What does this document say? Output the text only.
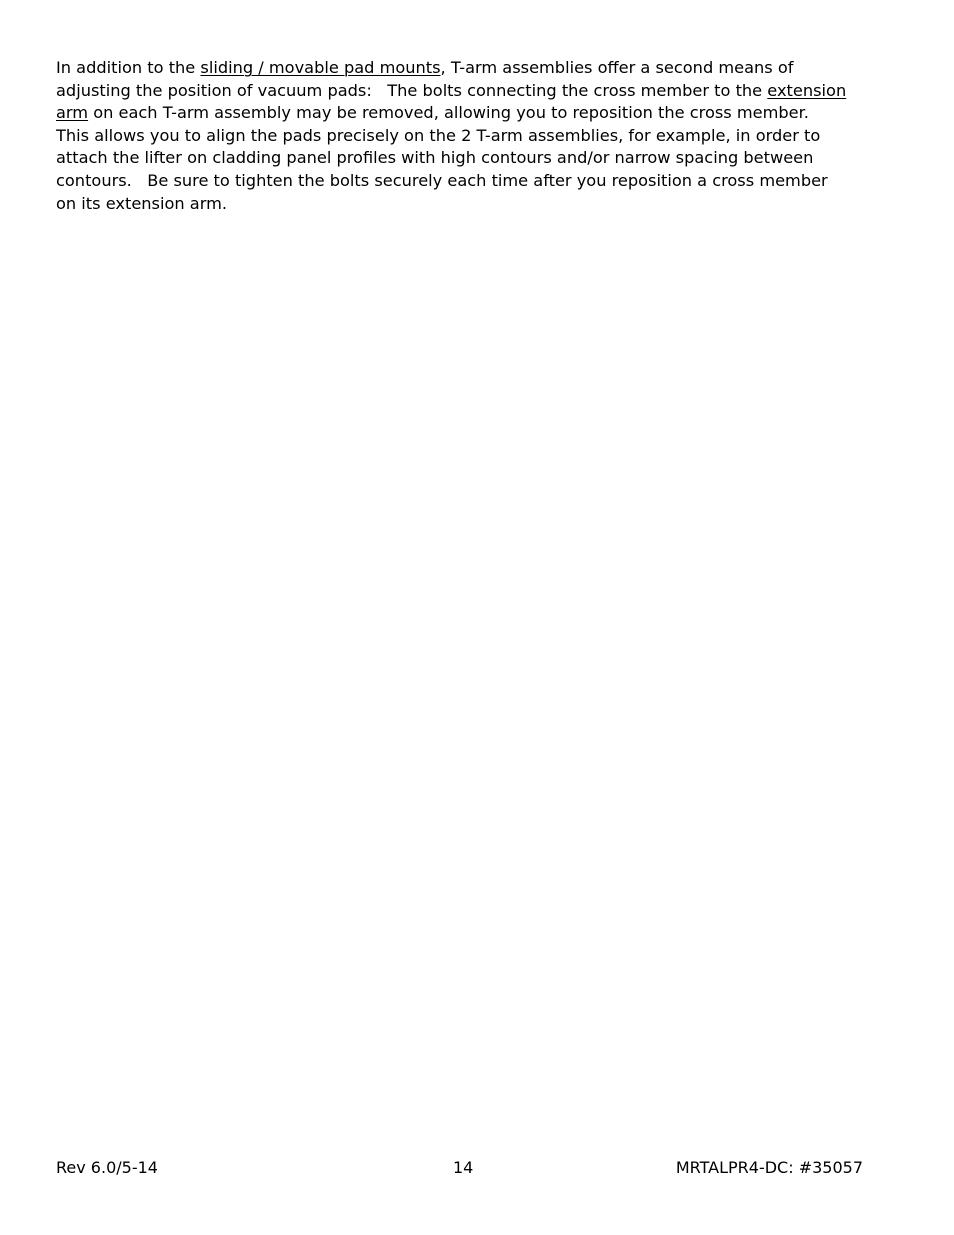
In addition to the sliding / movable pad mounts, T-arm assemblies offer a second means of
adjusting the position of vacuum pads:   The bolts connecting the cross member to the extension
arm on each T-arm assembly may be removed, allowing you to reposition the cross member.
This allows you to align the pads precisely on the 2 T-arm assemblies, for example, in order to
attach the lifter on cladding panel profiles with high contours and/or narrow spacing between
contours.   Be sure to tighten the bolts securely each time after you reposition a cross member
on its extension arm.

Rev 6.0/5-14	14	MRTALPR4-DC: #35057
